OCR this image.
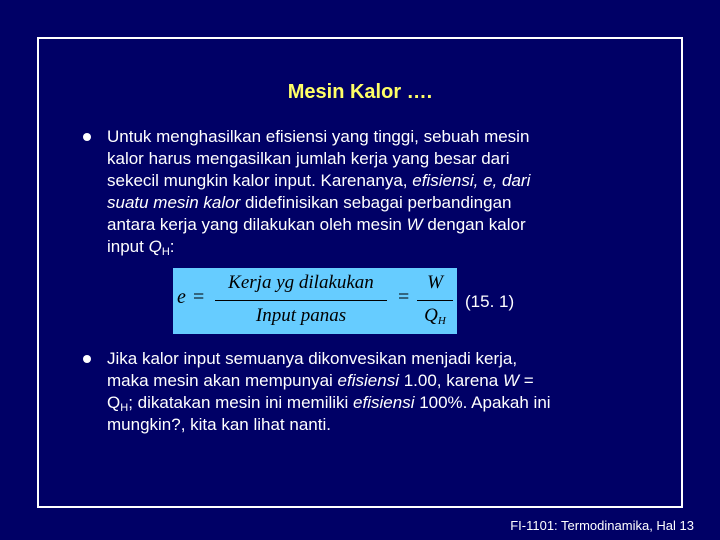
Mesin Kalor ….
Untuk menghasilkan efisiensi yang tinggi, sebuah mesin
kalor harus mengasilkan jumlah kerja yang besar dari
sekecil mungkin kalor input. Karenanya, efisiensi, e, dari
suatu mesin kalor didefinisikan sebagai perbandingan
antara kerja yang dilakukan oleh mesin W dengan kalor
input $Q_H$:
e =
Kerja yg dilakukan
Input panas
=
W
$Q_H$
(15. 1)
Jika kalor input semuanya dikonvesikan menjadi kerja,
maka mesin akan mempunyai efisiensi 1.00, karena W =
$Q_H$; dikatakan mesin ini memiliki efisiensi 100%. Apakah ini
mungkin?, kita kan lihat nanti.
FI-1101: Termodinamika, Hal 13
